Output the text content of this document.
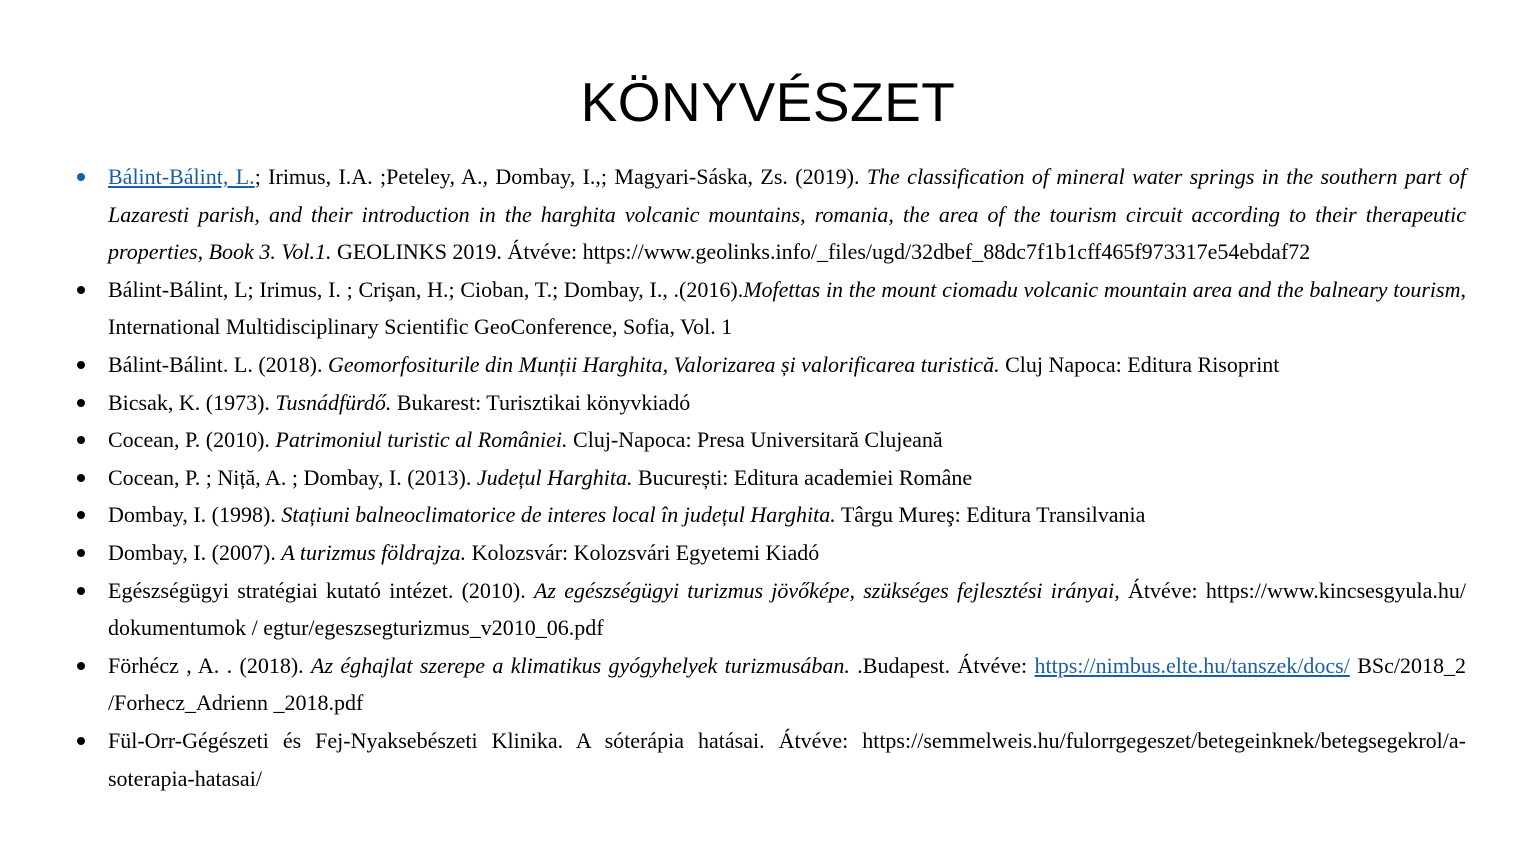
KÖNYVÉSZET
Bálint-Bálint, L.; Irimus, I.A. ;Peteley, A., Dombay, I.,; Magyari-Sáska, Zs. (2019). The classification of mineral water springs in the southern part of Lazaresti parish, and their introduction in the harghita volcanic mountains, romania, the area of the tourism circuit according to their therapeutic properties, Book 3. Vol.1. GEOLINKS 2019. Átvéve: https://www.geolinks.info/_files/ugd/32dbef_88dc7f1b1cff465f973317e54ebdaf72
Bálint-Bálint, L; Irimus, I. ; Crişan, H.; Cioban, T.; Dombay, I., .(2016).Mofettas in the mount ciomadu volcanic mountain area and the balneary tourism, International Multidisciplinary Scientific GeoConference, Sofia, Vol. 1
Bálint-Bálint. L. (2018). Geomorfositurile din Munții Harghita, Valorizarea și valorificarea turistică. Cluj Napoca: Editura Risoprint
Bicsak, K. (1973). Tusnádfürdő. Bukarest: Turisztikai könyvkiadó
Cocean, P. (2010). Patrimoniul turistic al României. Cluj-Napoca: Presa Universitară Clujeană
Cocean, P. ; Niță, A. ; Dombay, I. (2013). Județul Harghita. București: Editura academiei Române
Dombay, I. (1998). Stațiuni balneoclimatorice de interes local în județul Harghita. Târgu Mureş: Editura Transilvania
Dombay, I. (2007). A turizmus földrajza. Kolozsvár: Kolozsvári Egyetemi Kiadó
Egészségügyi stratégiai kutató intézet. (2010). Az egészségügyi turizmus jövőképe, szükséges fejlesztési irányai, Átvéve: https://www.kincsesgyula.hu/ dokumentumok / egtur/egeszsegturizmus_v2010_06.pdf
Förhécz , A. . (2018). Az éghajlat szerepe a klimatikus gyógyhelyek turizmusában. .Budapest. Átvéve: https://nimbus.elte.hu/tanszek/docs/ BSc/2018_2 /Forhecz_Adrienn _2018.pdf
Fül-Orr-Gégészeti és Fej-Nyaksebészeti Klinika. A sóterápia hatásai. Átvéve: https://semmelweis.hu/fulorrgegeszet/betegeinknek/betegsegekrol/a-soterapia-hatasai/
